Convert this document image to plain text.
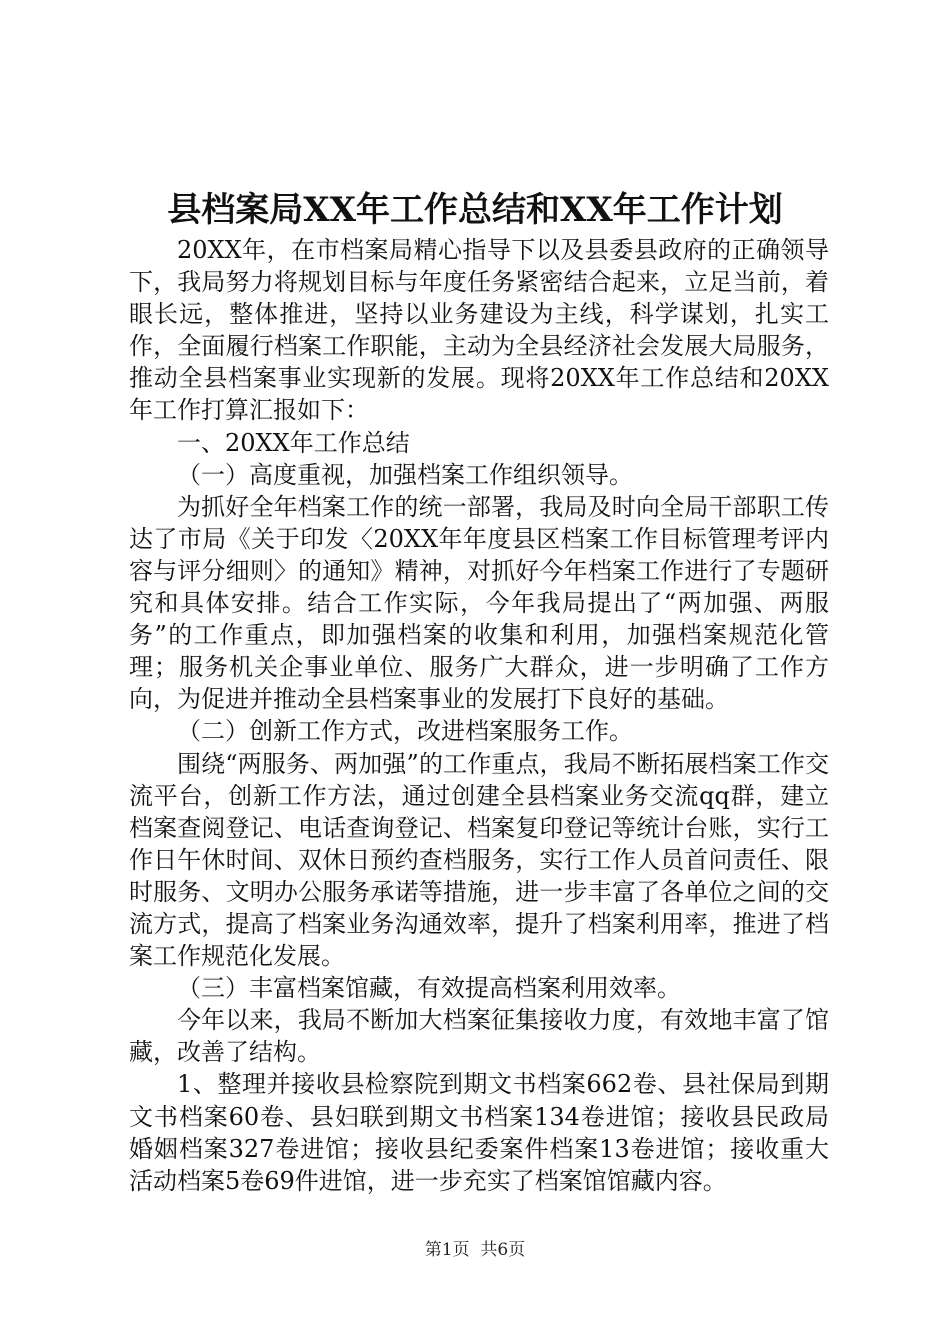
县档案局XX年工作总结和XX年工作计划

20XX年，在市档案局精心指导下以及县委县政府的正确领导下，我局努力将规划目标与年度任务紧密结合起来，立足当前，着眼长远，整体推进，坚持以业务建设为主线，科学谋划，扎实工作，全面履行档案工作职能，主动为全县经济社会发展大局服务，推动全县档案事业实现新的发展。现将20XX年工作总结和20XX年工作打算汇报如下：

一、20XX年工作总结

（一）高度重视，加强档案工作组织领导。

为抓好全年档案工作的统一部署，我局及时向全局干部职工传达了市局《关于印发〈20XX年年度县区档案工作目标管理考评内容与评分细则〉的通知》精神，对抓好今年档案工作进行了专题研究和具体安排。结合工作实际，今年我局提出了“两加强、两服务”的工作重点，即加强档案的收集和利用，加强档案规范化管理；服务机关企事业单位、服务广大群众，进一步明确了工作方向，为促进并推动全县档案事业的发展打下良好的基础。

（二）创新工作方式，改进档案服务工作。

围绕“两服务、两加强”的工作重点，我局不断拓展档案工作交流平台，创新工作方法，通过创建全县档案业务交流qq群，建立档案查阅登记、电话查询登记、档案复印登记等统计台账，实行工作日午休时间、双休日预约查档服务，实行工作人员首问责任、限时服务、文明办公服务承诺等措施，进一步丰富了各单位之间的交流方式，提高了档案业务沟通效率，提升了档案利用率，推进了档案工作规范化发展。

（三）丰富档案馆藏，有效提高档案利用效率。

今年以来，我局不断加大档案征集接收力度，有效地丰富了馆藏，改善了结构。

1、整理并接收县检察院到期文书档案662卷、县社保局到期文书档案60卷、县妇联到期文书档案134卷进馆；接收县民政局婚姻档案327卷进馆；接收县纪委案件档案13卷进馆；接收重大活动档案5卷69件进馆，进一步充实了档案馆馆藏内容。

第1页 共6页
